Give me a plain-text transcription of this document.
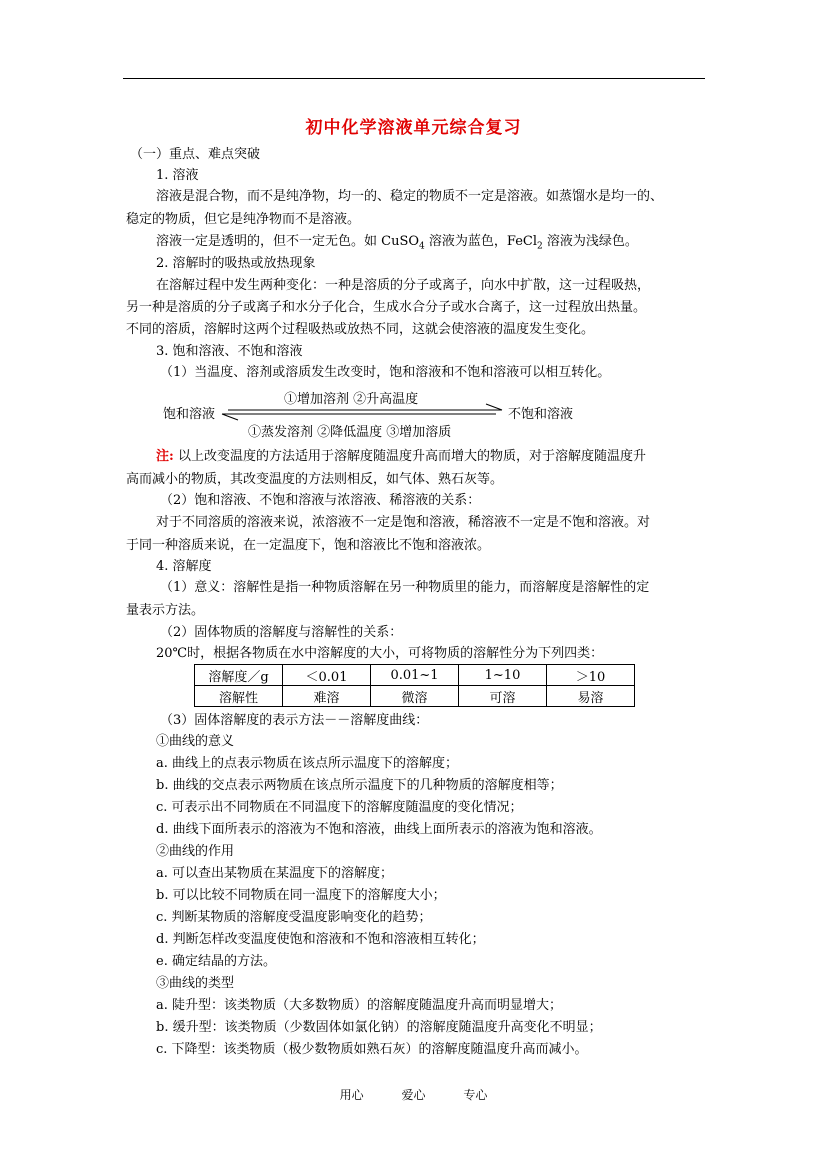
初中化学溶液单元综合复习
（一）重点、难点突破
1. 溶液
溶液是混合物，而不是纯净物，均一的、稳定的物质不一定是溶液。如蒸馏水是均一的、
稳定的物质，但它是纯净物而不是溶液。
溶液一定是透明的，但不一定无色。如 CuSO$_4$ 溶液为蓝色，FeCl$_2$ 溶液为浅绿色。
2. 溶解时的吸热或放热现象
在溶解过程中发生两种变化：一种是溶质的分子或离子，向水中扩散，这一过程吸热，
另一种是溶质的分子或离子和水分子化合，生成水合分子或水合离子，这一过程放出热量。
不同的溶质，溶解时这两个过程吸热或放热不同，这就会使溶液的温度发生变化。
3. 饱和溶液、不饱和溶液
（1）当温度、溶剂或溶质发生改变时，饱和溶液和不饱和溶液可以相互转化。
饱和溶液
①增加溶剂 ②升高温度
①蒸发溶剂 ②降低温度 ③增加溶质
不饱和溶液
注: 以上改变温度的方法适用于溶解度随温度升高而增大的物质，对于溶解度随温度升
高而减小的物质，其改变温度的方法则相反，如气体、熟石灰等。
（2）饱和溶液、不饱和溶液与浓溶液、稀溶液的关系：
对于不同溶质的溶液来说，浓溶液不一定是饱和溶液，稀溶液不一定是不饱和溶液。对
于同一种溶质来说，在一定温度下，饱和溶液比不饱和溶液浓。
4. 溶解度
（1）意义：溶解性是指一种物质溶解在另一种物质里的能力，而溶解度是溶解性的定
量表示方法。
（2）固体物质的溶解度与溶解性的关系：
20℃时，根据各物质在水中溶解度的大小，可将物质的溶解性分为下列四类：
溶解度／g	＜0.01	0.01~1	1~10	＞10
溶解性	难溶	微溶	可溶	易溶
（3）固体溶解度的表示方法－－溶解度曲线：
①曲线的意义
a. 曲线上的点表示物质在该点所示温度下的溶解度；
b. 曲线的交点表示两物质在该点所示温度下的几种物质的溶解度相等；
c. 可表示出不同物质在不同温度下的溶解度随温度的变化情况；
d. 曲线下面所表示的溶液为不饱和溶液，曲线上面所表示的溶液为饱和溶液。
②曲线的作用
a. 可以查出某物质在某温度下的溶解度；
b. 可以比较不同物质在同一温度下的溶解度大小；
c. 判断某物质的溶解度受温度影响变化的趋势；
d. 判断怎样改变温度使饱和溶液和不饱和溶液相互转化；
e. 确定结晶的方法。
③曲线的类型
a. 陡升型：该类物质（大多数物质）的溶解度随温度升高而明显增大；
b. 缓升型：该类物质（少数固体如氯化钠）的溶解度随温度升高变化不明显；
c. 下降型：该类物质（极少数物质如熟石灰）的溶解度随温度升高而减小。
用心	爱心	专心
